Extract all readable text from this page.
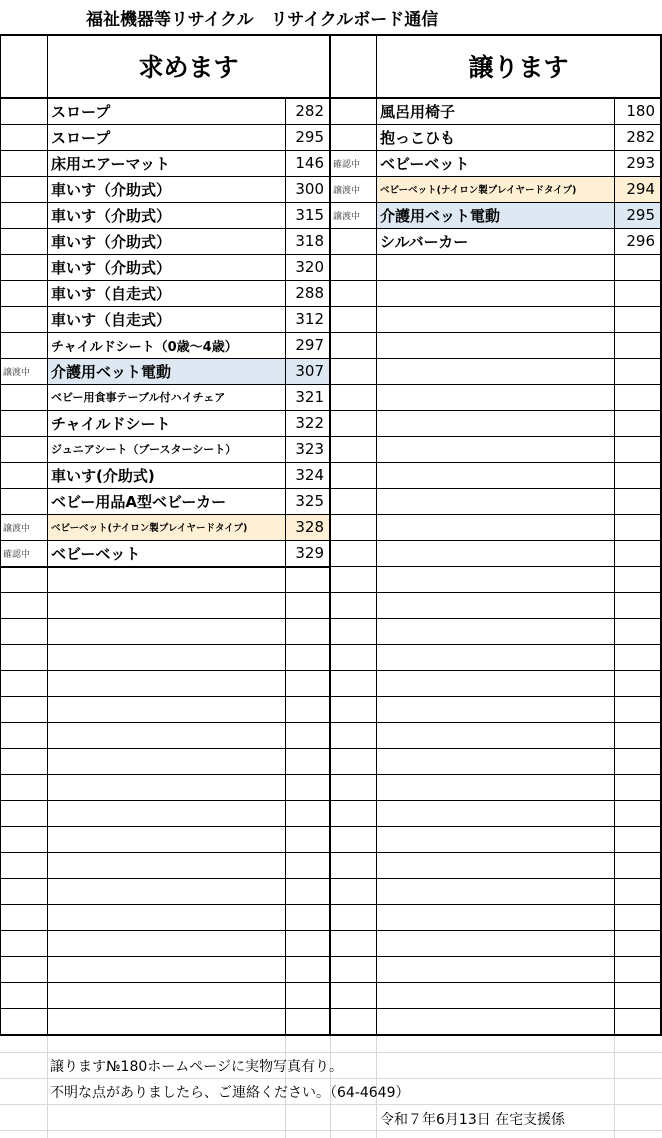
福祉機器等リサイクル　リサイクルボード通信
求めます	譲ります
スロープ	282
スロープ	295
床用エアーマット	146
車いす（介助式）	300
車いす（介助式）	315
車いす（介助式）	318
車いす（介助式）	320
車いす（自走式）	288
車いす（自走式）	312
チャイルドシート（0歳～4歳）	297
譲渡中	介護用ベット電動	307
ベビー用食事テーブル付ハイチェア	321
チャイルドシート	322
ジュニアシート（ブースターシート）	323
車いす(介助式)	324
ベビー用品A型ベビーカー	325
譲渡中	ベビーベット(ナイロン製プレイヤードタイプ)	328
確認中	ベビーベット	329
風呂用椅子	180
抱っこひも	282
確認中	ベビーベット	293
譲渡中	ベビーベット(ナイロン製プレイヤードタイプ)	294
譲渡中	介護用ベット電動	295
シルバーカー	296
譲ります№180ホームページに実物写真有り。
不明な点がありましたら、ご連絡ください。（64-4649）
令和７年6月13日 在宅支援係
